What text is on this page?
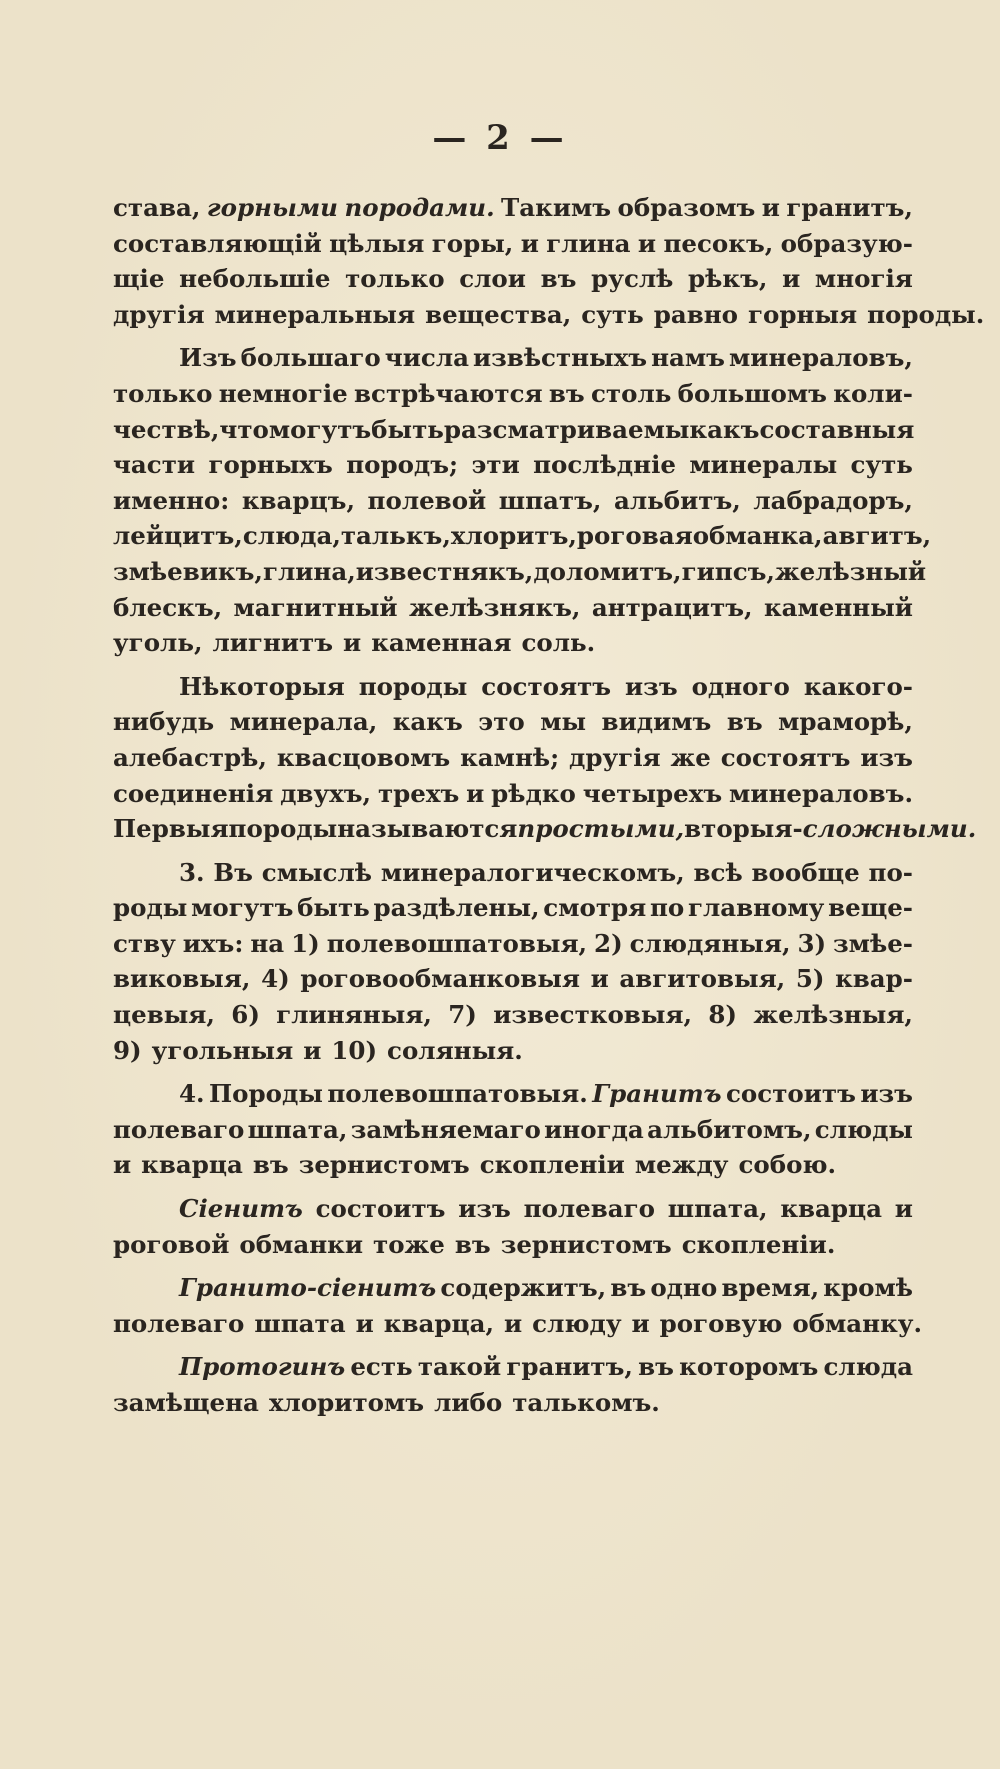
— 2 —
става, горными породами. Такимъ образомъ и гранитъ,
составляющій цѣлыя горы, и глина и песокъ, образую-
щіе небольшіе только слои въ руслѣ рѣкъ, и многія
другія минеральныя вещества, суть равно горныя породы.
Изъ большаго числа извѣстныхъ намъ минераловъ,
только немногіе встрѣчаются въ столь большомъ коли-
чествѣ, что могутъ быть разсматриваемы какъ составныя
части горныхъ породъ; эти послѣдніе минералы суть
именно: кварцъ, полевой шпатъ, альбитъ, лабрадоръ,
лейцитъ, слюда, талькъ, хлоритъ, роговая обманка, авгитъ,
змѣевикъ, глина, известнякъ, доломитъ, гипсъ, желѣзный
блескъ, магнитный желѣзнякъ, антрацитъ, каменный
уголь, лигнитъ и каменная соль.
Нѣкоторыя породы состоятъ изъ одного какого-
нибудь минерала, какъ это мы видимъ въ мраморѣ,
алебастрѣ, квасцовомъ камнѣ; другія же состоятъ изъ
соединенія двухъ, трехъ и рѣдко четырехъ минераловъ.
Первыя породы называются простыми, вторыя- сложными.
3. Въ смыслѣ минералогическомъ, всѣ вообще по-
роды могутъ быть раздѣлены, смотря по главному веще-
ству ихъ: на 1) полевошпатовыя, 2) слюдяныя, 3) змѣе-
виковыя, 4) роговообманковыя и авгитовыя, 5) квар-
цевыя, 6) глиняныя, 7) известковыя, 8) желѣзныя,
9) угольныя и 10) соляныя.
4. Породы полевошпатовыя. Гранитъ состоитъ изъ
полеваго шпата, замѣняемаго иногда альбитомъ, слюды
и кварца въ зернистомъ скопленіи между собою.
Сіенитъ состоитъ изъ полеваго шпата, кварца и
роговой обманки тоже въ зернистомъ скопленіи.
Гранито-сіенитъ содержитъ, въ одно время, кромѣ
полеваго шпата и кварца, и слюду и роговую обманку.
Протогинъ есть такой гранитъ, въ которомъ слюда
замѣщена хлоритомъ либо талькомъ.
